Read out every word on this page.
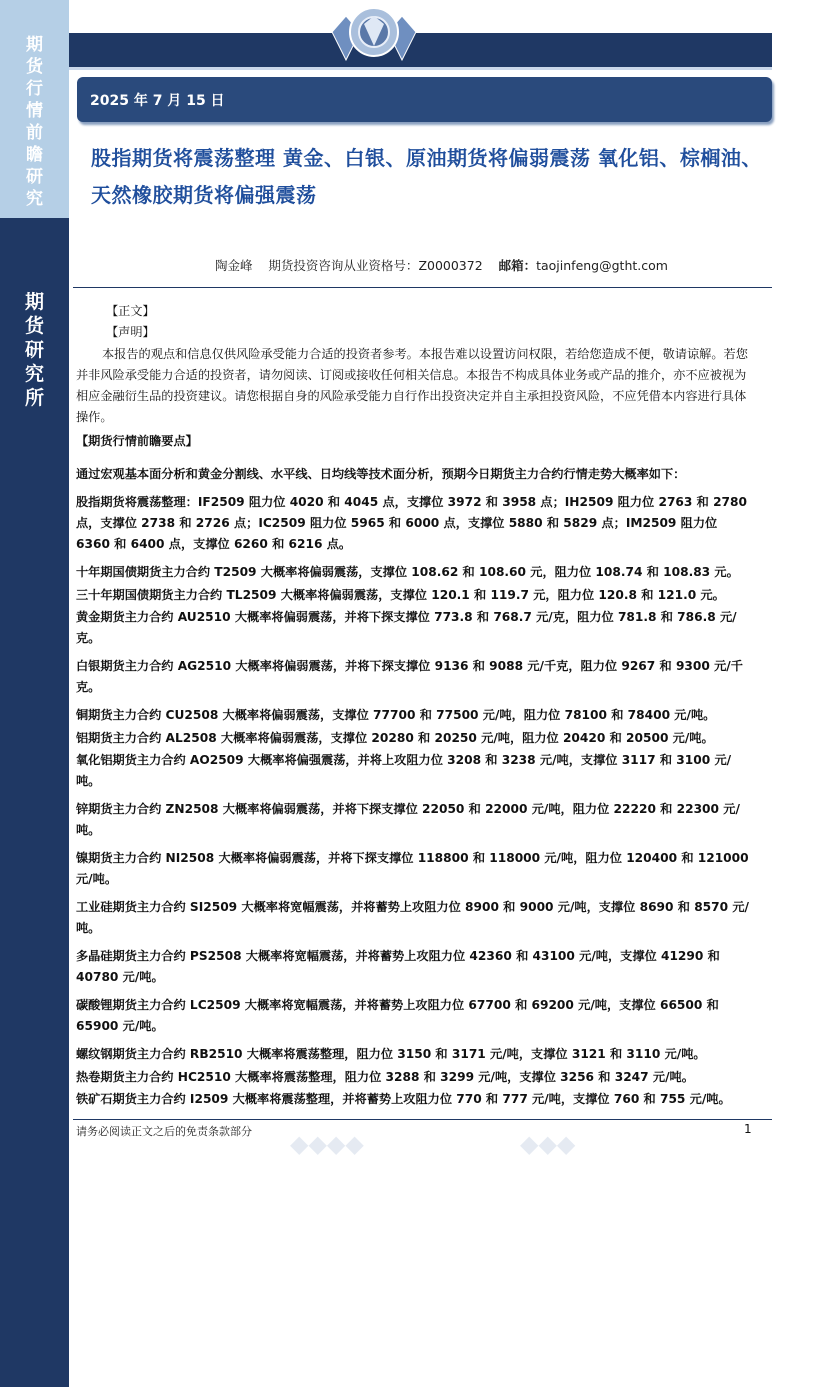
期
货
行
情
前
瞻
研
究
期
货
研
究
所
2025 年 7 月 15 日
股指期货将震荡整理 黄金、白银、原油期货将偏弱震荡 氧化铝、棕榈油、天然橡胶期货将偏强震荡
陶金峰 期货投资咨询从业资格号：Z0000372 邮箱：taojinfeng@gtht.com
【正文】
【声明】
本报告的观点和信息仅供风险承受能力合适的投资者参考。本报告难以设置访问权限，若给您造成不便，敬请谅解。若您并非风险承受能力合适的投资者，请勿阅读、订阅或接收任何相关信息。本报告不构成具体业务或产品的推介，亦不应被视为相应金融衍生品的投资建议。请您根据自身的风险承受能力自行作出投资决定并自主承担投资风险，不应凭借本内容进行具体操作。
【期货行情前瞻要点】
通过宏观基本面分析和黄金分割线、水平线、日均线等技术面分析，预期今日期货主力合约行情走势大概率如下：
股指期货将震荡整理：IF2509 阻力位 4020 和 4045 点，支撑位 3972 和 3958 点；IH2509 阻力位 2763 和 2780 点，支撑位 2738 和 2726 点；IC2509 阻力位 5965 和 6000 点，支撑位 5880 和 5829 点；IM2509 阻力位 6360 和 6400 点，支撑位 6260 和 6216 点。
十年期国债期货主力合约 T2509 大概率将偏弱震荡，支撑位 108.62 和 108.60 元，阻力位 108.74 和 108.83 元。
三十年期国债期货主力合约 TL2509 大概率将偏弱震荡，支撑位 120.1 和 119.7 元，阻力位 120.8 和 121.0 元。
黄金期货主力合约 AU2510 大概率将偏弱震荡，并将下探支撑位 773.8 和 768.7 元/克，阻力位 781.8 和 786.8 元/克。
白银期货主力合约 AG2510 大概率将偏弱震荡，并将下探支撑位 9136 和 9088 元/千克，阻力位 9267 和 9300 元/千克。
铜期货主力合约 CU2508 大概率将偏弱震荡，支撑位 77700 和 77500 元/吨，阻力位 78100 和 78400 元/吨。
铝期货主力合约 AL2508 大概率将偏弱震荡，支撑位 20280 和 20250 元/吨，阻力位 20420 和 20500 元/吨。
氧化铝期货主力合约 AO2509 大概率将偏强震荡，并将上攻阻力位 3208 和 3238 元/吨，支撑位 3117 和 3100 元/吨。
锌期货主力合约 ZN2508 大概率将偏弱震荡，并将下探支撑位 22050 和 22000 元/吨，阻力位 22220 和 22300 元/吨。
镍期货主力合约 NI2508 大概率将偏弱震荡，并将下探支撑位 118800 和 118000 元/吨，阻力位 120400 和 121000 元/吨。
工业硅期货主力合约 SI2509 大概率将宽幅震荡，并将蓄势上攻阻力位 8900 和 9000 元/吨，支撑位 8690 和 8570 元/吨。
多晶硅期货主力合约 PS2508 大概率将宽幅震荡，并将蓄势上攻阻力位 42360 和 43100 元/吨，支撑位 41290 和 40780 元/吨。
碳酸锂期货主力合约 LC2509 大概率将宽幅震荡，并将蓄势上攻阻力位 67700 和 69200 元/吨，支撑位 66500 和 65900 元/吨。
螺纹钢期货主力合约 RB2510 大概率将震荡整理，阻力位 3150 和 3171 元/吨，支撑位 3121 和 3110 元/吨。
热卷期货主力合约 HC2510 大概率将震荡整理，阻力位 3288 和 3299 元/吨，支撑位 3256 和 3247 元/吨。
铁矿石期货主力合约 I2509 大概率将震荡整理，并将蓄势上攻阻力位 770 和 777 元/吨，支撑位 760 和 755 元/吨。
请务必阅读正文之后的免责条款部分	1
◆◆◆◆	◆◆◆
